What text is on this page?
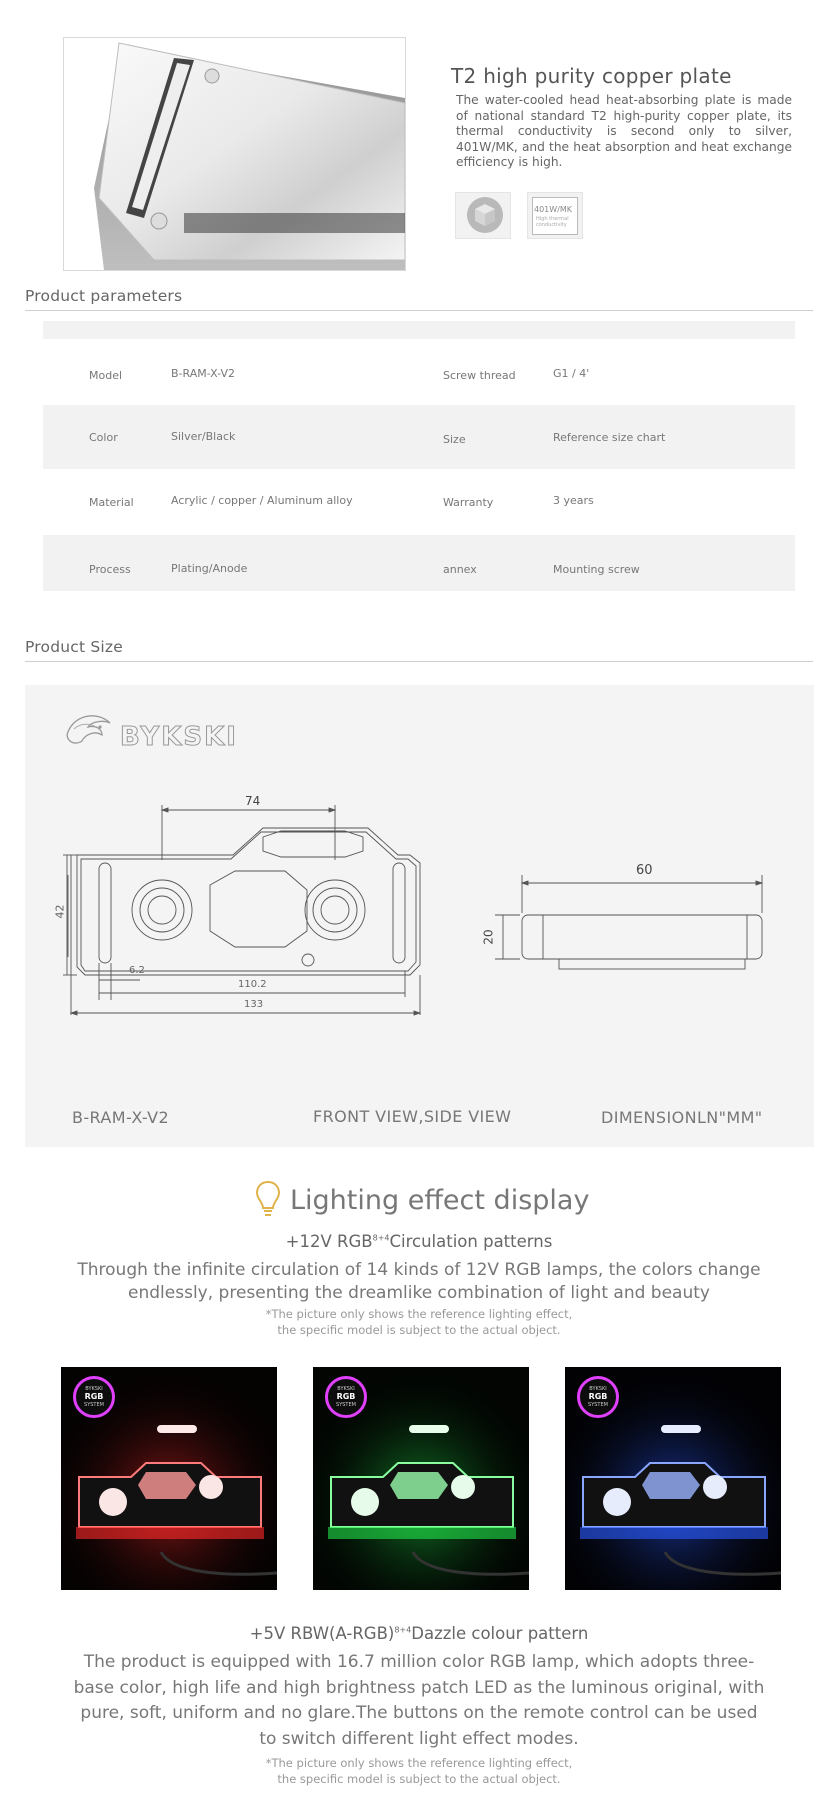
T2 high purity copper plate
The water-cooled head heat-absorbing plate is made of national standard T2 high-purity copper plate, its thermal conductivity is second only to silver, 401W/MK, and the heat absorption and heat exchange efficiency is high.
401W/MK
High thermal
conductivity
Product parameters
Model	B-RAM-X-V2	Screw thread	G1 / 4'
Color	Silver/Black	Size	Reference size chart
Material	Acrylic / copper / Aluminum alloy	Warranty	3 years
Process	Plating/Anode	annex	Mounting screw
Product Size
BYKSKI
74
42
6.2
110.2
133
60
20
B-RAM-X-V2	FRONT VIEW,SIDE VIEW	DIMENSIONLN"MM"
Lighting effect display
+12V $RGB^{8+4}Circulation$ patterns
Through the infinite circulation of 14 kinds of 12V RGB lamps, the colors change endlessly, presenting the dreamlike combination of light and beauty
*The picture only shows the reference lighting effect,
the specific model is subject to the actual object.
BYKSKI
RGB
SYSTEM
BYKSKI
RGB
SYSTEM
BYKSKI
RGB
SYSTEM
+5V $RBW(A-RGB)^{8+4}Dazzle$ colour pattern
The product is equipped with 16.7 million color RGB lamp, which adopts three-base color, high life and high brightness patch LED as the luminous original, with pure, soft, uniform and no glare.The buttons on the remote control can be used to switch different light effect modes.
*The picture only shows the reference lighting effect,
the specific model is subject to the actual object.
